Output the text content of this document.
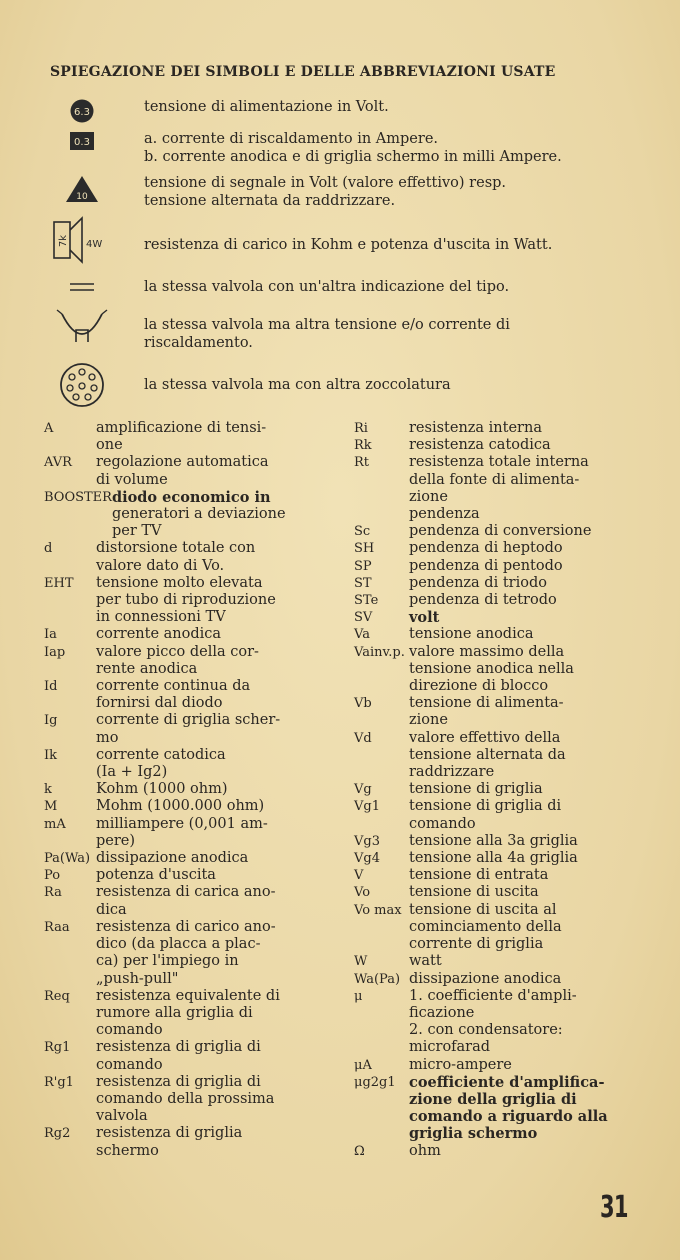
SPIEGAZIONE DEI SIMBOLI E DELLE ABBREVIAZIONI USATE
6.3	tensione di alimentazione in Volt.
0.3	a. corrente di riscaldamento in Ampere.
b. corrente anodica e di griglia schermo in milli Ampere.
10
tensione di segnale in Volt (valore effettivo) resp.
tensione alternata da raddrizzare.
7k 4W	resistenza di carico in Kohm e potenza d'uscita in Watt.
la stessa valvola con un'altra indicazione del tipo.
la stessa valvola ma altra tensione e/o corrente di
riscaldamento.
la stessa valvola ma con altra zoccolatura
A	amplificazione di tensi-
one
AVR	regolazione automatica
di volume
BOOSTER diodo economico in
generatori a deviazione
per TV
d	distorsione totale con
valore dato di Vo.
EHT	tensione molto elevata
per tubo di riproduzione
in connessioni TV
Ia	corrente anodica
Iap	valore picco della cor-
rente anodica
Id	corrente continua da
fornirsi dal diodo
Ig	corrente di griglia scher-
mo
Ik	corrente catodica
(Ia + Ig2)
k	Kohm (1000 ohm)
M	Mohm (1000.000 ohm)
mA	milliampere (0,001 am-
pere)
Pa(Wa) dissipazione anodica
Po	potenza d'uscita
Ra	resistenza di carica ano-
dica
Raa	resistenza di carico ano-
dico (da placca a plac-
ca) per l'impiego in
„push-pull"
Req	resistenza equivalente di
rumore alla griglia di
comando
Rg1	resistenza di griglia di
comando
R'g1	resistenza di griglia di
comando della prossima
valvola
Rg2	resistenza di griglia
schermo
Ri	resistenza interna
Rk	resistenza catodica
Rt	resistenza totale interna
della fonte di alimenta-
zione
pendenza
Sc	pendenza di conversione
SH	pendenza di heptodo
SP	pendenza di pentodo
ST	pendenza di triodo
STe	pendenza di tetrodo
SV	volt
Va	tensione anodica
Vainv.p. valore massimo della
tensione anodica nella
direzione di blocco
Vb	tensione di alimenta-
zione
Vd	valore effettivo della
tensione alternata da
raddrizzare
Vg	tensione di griglia
Vg1	tensione di griglia di
comando
Vg3	tensione alla 3a griglia
Vg4	tensione alla 4a griglia
V	tensione di entrata
Vo	tensione di uscita
Vo max tensione di uscita al
cominciamento della
corrente di griglia
W	watt
Wa(Pa) dissipazione anodica
μ	1. coefficiente d'ampli-
ficazione
2. con condensatore:
microfarad
μA	micro-ampere
μg2g1 coefficiente d'amplifica-
zione della griglia di
comando a riguardo alla
griglia schermo
Ω	ohm
31
